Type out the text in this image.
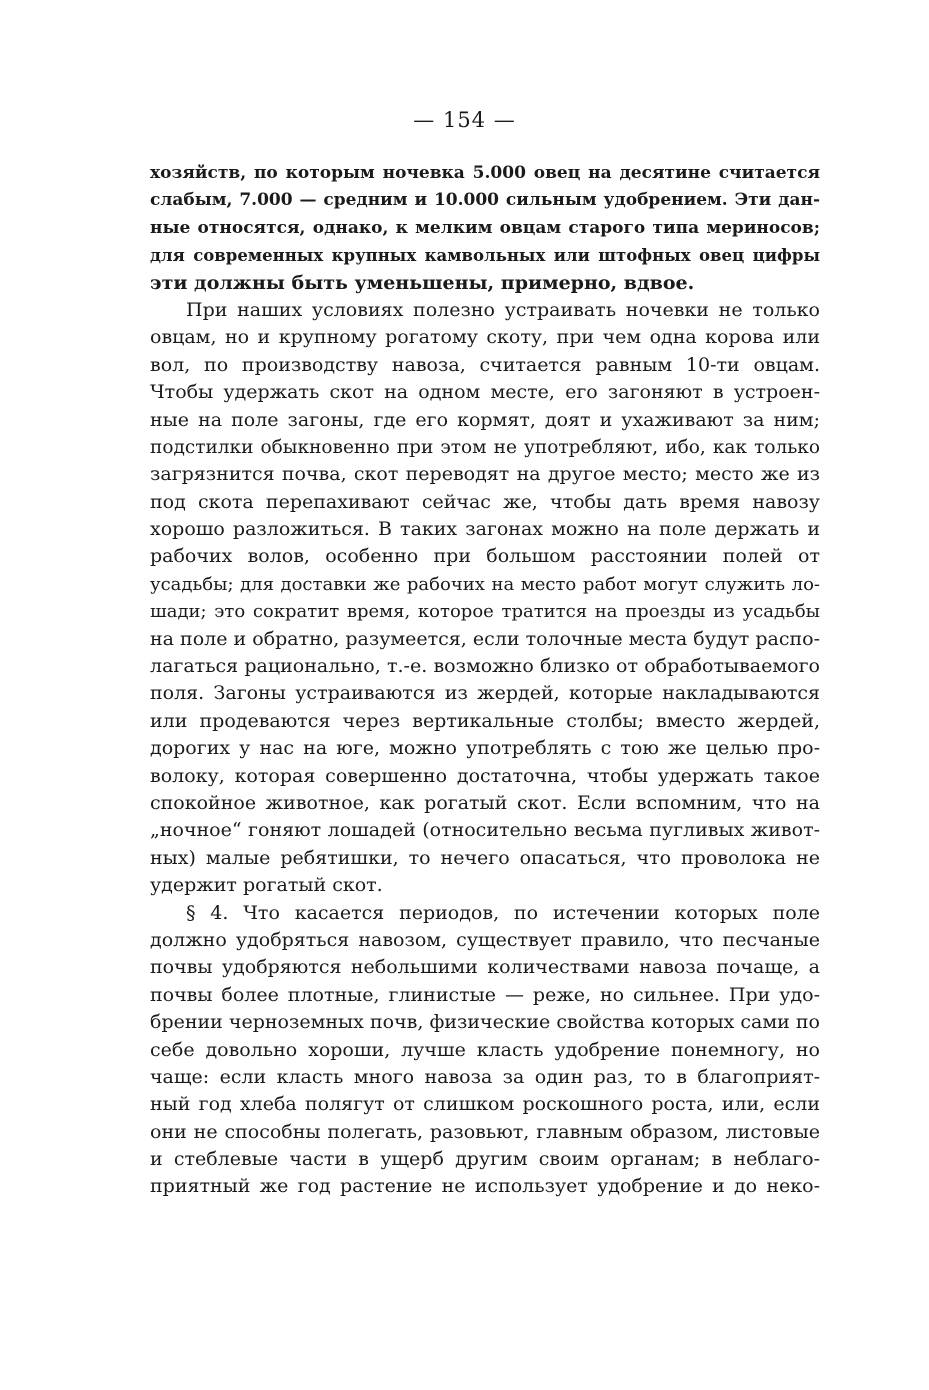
— 154 —
хозяйств, по которым ночевка 5.000 овец на десятине считается
слабым, 7.000 — средним и 10.000 сильным удобрением. Эти дан-
ные относятся, однако, к мелким овцам старого типа мериносов;
для современных крупных камвольных или штофных овец цифры
эти должны быть уменьшены, примерно, вдвое.
При наших условиях полезно устраивать ночевки не только
овцам, но и крупному рогатому скоту, при чем одна корова или
вол, по производству навоза, считается равным 10-ти овцам.
Чтобы удержать скот на одном месте, его загоняют в устроен-
ные на поле загоны, где его кормят, доят и ухаживают за ним;
подстилки обыкновенно при этом не употребляют, ибо, как только
загрязнится почва, скот переводят на другое место; место же из
под скота перепахивают сейчас же, чтобы дать время навозу
хорошо разложиться. В таких загонах можно на поле держать и
рабочих волов, особенно при большом расстоянии полей от
усадьбы; для доставки же рабочих на место работ могут служить ло-
шади; это сократит время, которое тратится на проезды из усадьбы
на поле и обратно, разумеется, если толочные места будут распо-
лагаться рационально, т.-е. возможно близко от обработываемого
поля. Загоны устраиваются из жердей, которые накладываются
или продеваются через вертикальные столбы; вместо жердей,
дорогих у нас на юге, можно употреблять с тою же целью про-
волоку, которая совершенно достаточна, чтобы удержать такое
спокойное животное, как рогатый скот. Если вспомним, что на
„ночное“ гоняют лошадей (относительно весьма пугливых живот-
ных) малые ребятишки, то нечего опасаться, что проволока не
удержит рогатый скот.
§ 4. Что касается периодов, по истечении которых поле
должно удобряться навозом, существует правило, что песчаные
почвы удобряются небольшими количествами навоза почаще, а
почвы более плотные, глинистые — реже, но сильнее. При удо-
брении черноземных почв, физические свойства которых сами по
себе довольно хороши, лучше класть удобрение понемногу, но
чаще: если класть много навоза за один раз, то в благоприят-
ный год хлеба полягут от слишком роскошного роста, или, если
они не способны полегать, разовьют, главным образом, листовые
и стеблевые части в ущерб другим своим органам; в неблаго-
приятный же год растение не использует удобрение и до неко-
